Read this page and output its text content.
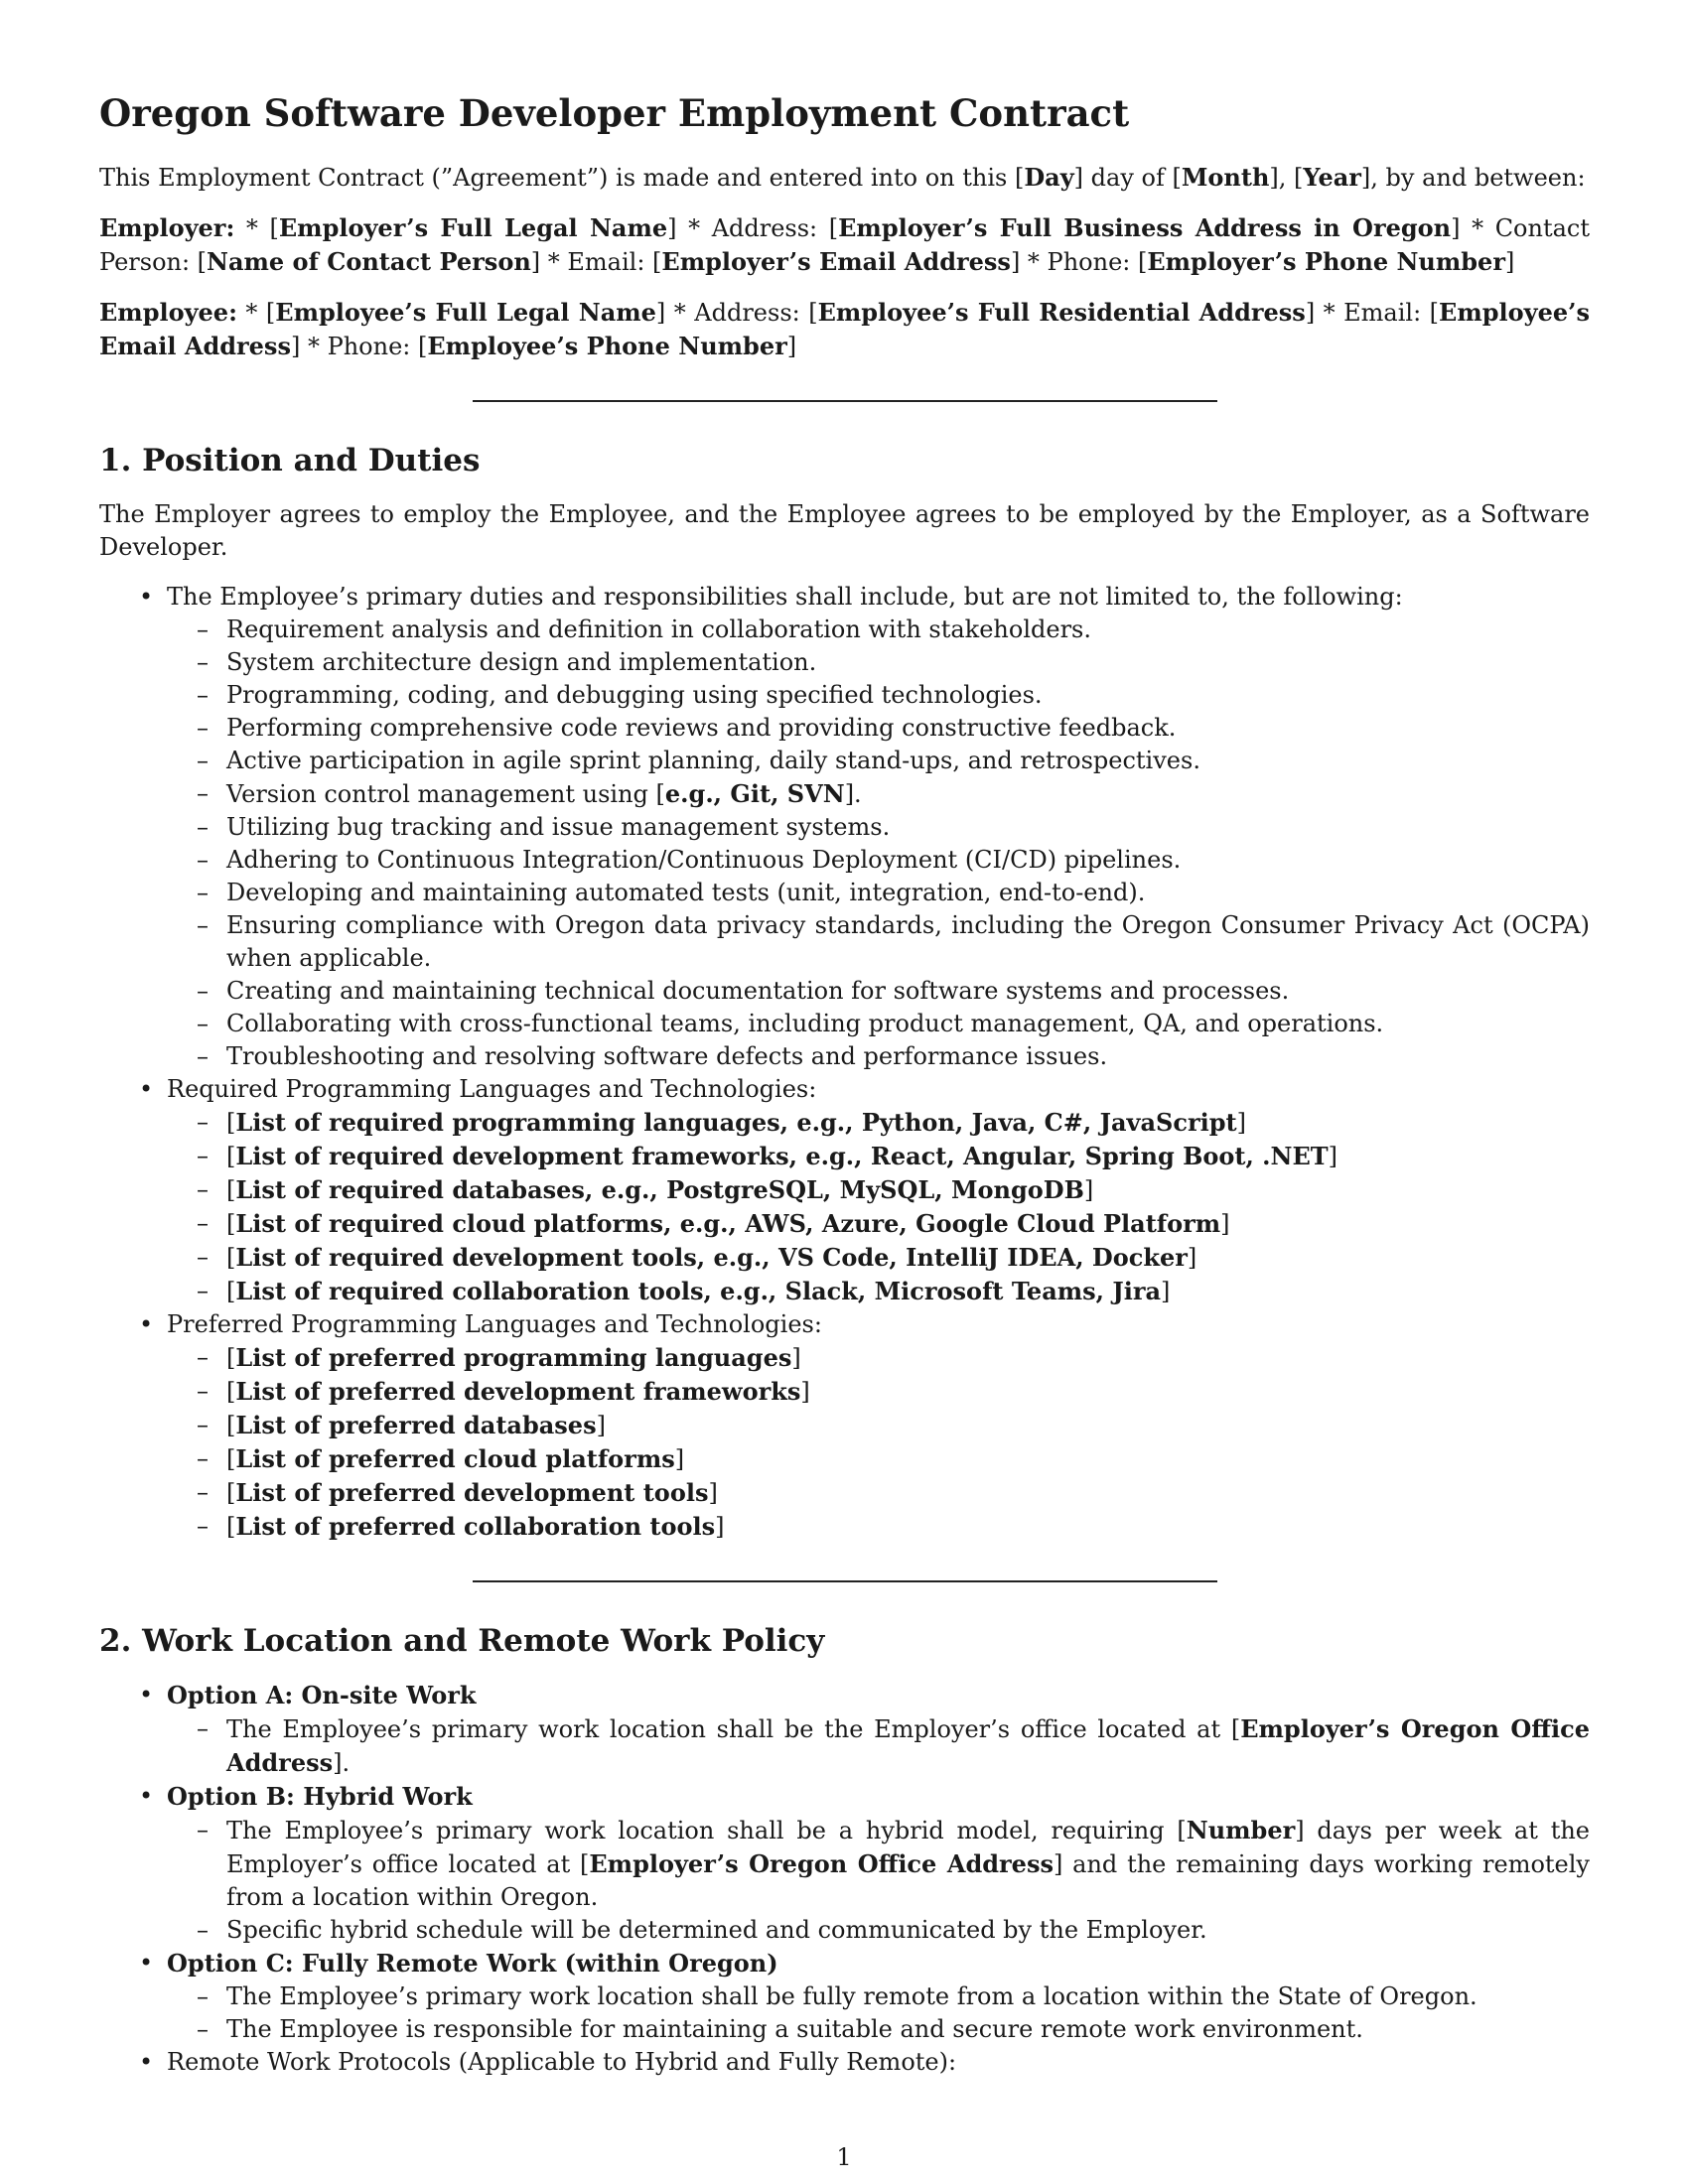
Oregon Software Developer Employment Contract

This Employment Contract (”Agreement”) is made and entered into on this [Day] day of [Month], [Year], by and between:

Employer: * [Employer’s Full Legal Name] * Address: [Employer’s Full Business Address in Oregon] * Contact Person: [Name of Contact Person] * Email: [Employer’s Email Address] * Phone: [Employer’s Phone Number]

Employee: * [Employee’s Full Legal Name] * Address: [Employee’s Full Residential Address] * Email: [Employee’s Email Address] * Phone: [Employee’s Phone Number]

1. Position and Duties

The Employer agrees to employ the Employee, and the Employee agrees to be employed by the Employer, as a Software Developer.

• The Employee’s primary duties and responsibilities shall include, but are not limited to, the following:
– Requirement analysis and definition in collaboration with stakeholders.
– System architecture design and implementation.
– Programming, coding, and debugging using specified technologies.
– Performing comprehensive code reviews and providing constructive feedback.
– Active participation in agile sprint planning, daily stand-ups, and retrospectives.
– Version control management using [e.g., Git, SVN].
– Utilizing bug tracking and issue management systems.
– Adhering to Continuous Integration/Continuous Deployment (CI/CD) pipelines.
– Developing and maintaining automated tests (unit, integration, end-to-end).
– Ensuring compliance with Oregon data privacy standards, including the Oregon Consumer Privacy Act (OCPA) when applicable.
– Creating and maintaining technical documentation for software systems and processes.
– Collaborating with cross-functional teams, including product management, QA, and operations.
– Troubleshooting and resolving software defects and performance issues.
• Required Programming Languages and Technologies:
– [List of required programming languages, e.g., Python, Java, C#, JavaScript]
– [List of required development frameworks, e.g., React, Angular, Spring Boot, .NET]
– [List of required databases, e.g., PostgreSQL, MySQL, MongoDB]
– [List of required cloud platforms, e.g., AWS, Azure, Google Cloud Platform]
– [List of required development tools, e.g., VS Code, IntelliJ IDEA, Docker]
– [List of required collaboration tools, e.g., Slack, Microsoft Teams, Jira]
• Preferred Programming Languages and Technologies:
– [List of preferred programming languages]
– [List of preferred development frameworks]
– [List of preferred databases]
– [List of preferred cloud platforms]
– [List of preferred development tools]
– [List of preferred collaboration tools]
2. Work Location and Remote Work Policy
• Option A: On-site Work
– The Employee’s primary work location shall be the Employer’s office located at [Employer’s Oregon Office Address].
• Option B: Hybrid Work
– The Employee’s primary work location shall be a hybrid model, requiring [Number] days per week at the Employer’s office located at [Employer’s Oregon Office Address] and the remaining days working remotely from a location within Oregon.
– Specific hybrid schedule will be determined and communicated by the Employer.
• Option C: Fully Remote Work (within Oregon)
– The Employee’s primary work location shall be fully remote from a location within the State of Oregon.
– The Employee is responsible for maintaining a suitable and secure remote work environment.
• Remote Work Protocols (Applicable to Hybrid and Fully Remote):
1
